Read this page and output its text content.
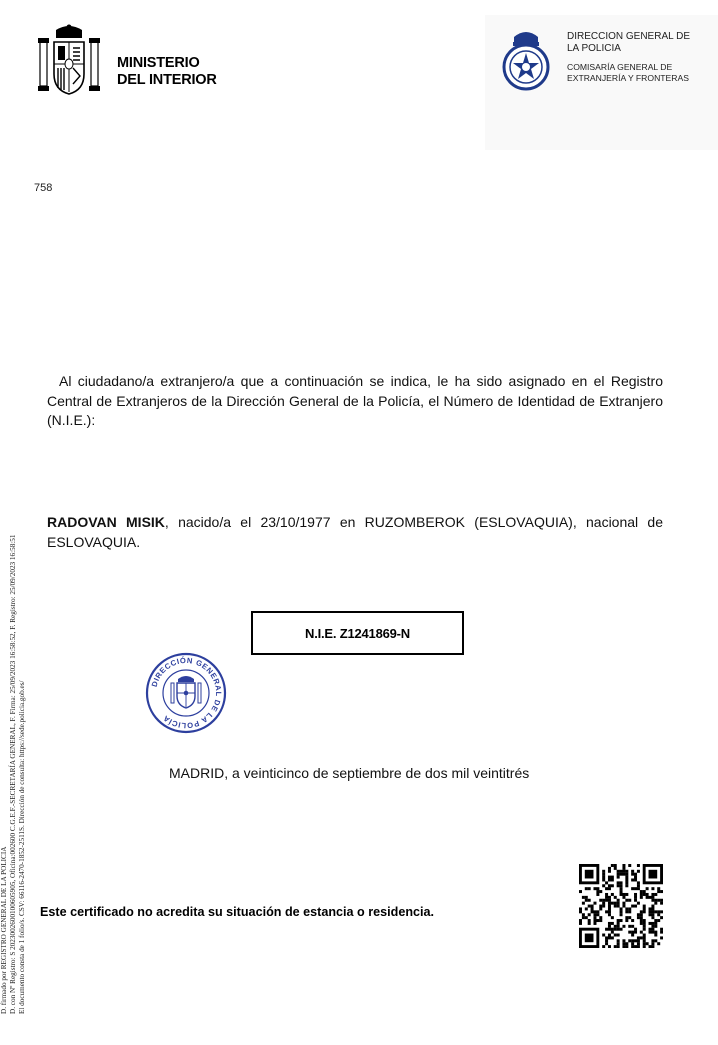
MINISTERIO
DEL INTERIOR
DIRECCION GENERAL DE
LA POLICIA
COMISARÍA GENERAL DE
EXTRANJERÍA Y FRONTERAS
758
Al ciudadano/a extranjero/a que a continuación se indica, le ha sido asignado en el Registro Central de Extranjeros de la Dirección General de la Policía, el Número de Identidad de Extranjero (N.I.E.):
RADOVAN MISIK, nacido/a el 23/10/1977 en RUZOMBEROK (ESLOVAQUIA), nacional de ESLOVAQUIA.
N.I.E. Z1241869-N
DIRECCIÓN GENERAL DE LA POLICÍA
MADRID, a veinticinco de septiembre de dos mil veintitrés
Este certificado no acredita su situación de estancia o residencia.
D. firmado por REGISTRO GENERAL DE LA POLICIA D. con Nº Registro: S 2023002600100605905, Oficina:002600 C.G.E.F.-SECRETARÍA GENERAL, F. Firma: 25/09/2023 16:58:52, F. Registro: 25/09/2023 16:58:51 El documento consta de 1 folio/s. CSV: 66116-2470-1852-2511S. Dirección de consulta: https://sede.policia.gob.es/
